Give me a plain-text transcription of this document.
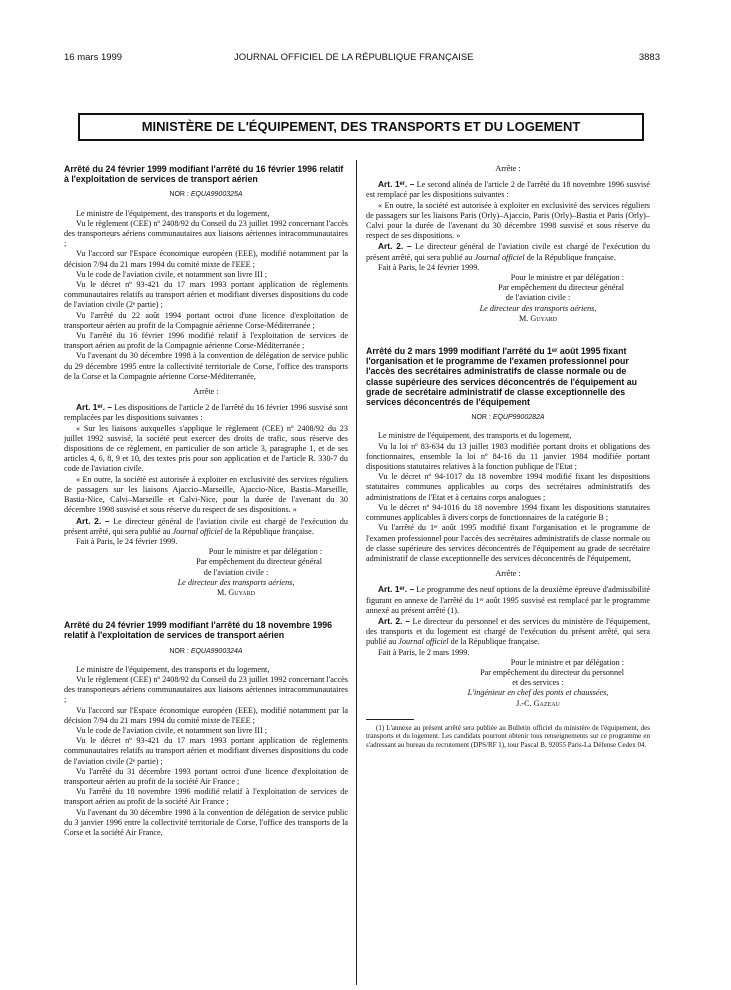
16 mars 1999	JOURNAL OFFICIEL DE LA RÉPUBLIQUE FRANÇAISE	3883
MINISTÈRE DE L'ÉQUIPEMENT, DES TRANSPORTS ET DU LOGEMENT
Arrêté du 24 février 1999 modifiant l'arrêté du 16 février 1996 relatif à l'exploitation de services de transport aérien
NOR : EQUA9900325A

Le ministre de l'équipement, des transports et du logement,

Vu le règlement (CEE) nº 2408/92 du Conseil du 23 juillet 1992 concernant l'accès des transporteurs aériens communautaires aux liaisons aériennes intracommunautaires ;

Vu l'accord sur l'Espace économique européen (EEE), modifié notamment par la décision 7/94 du 21 mars 1994 du comité mixte de l'EEE ;

Vu le code de l'aviation civile, et notamment son livre III ;

Vu le décret nº 93-421 du 17 mars 1993 portant application de règlements communautaires relatifs au transport aérien et modifiant diverses dispositions du code de l'aviation civile (2ᵉ partie) ;

Vu l'arrêté du 22 août 1994 portant octroi d'une licence d'exploitation de transporteur aérien au profit de la Compagnie aérienne Corse-Méditerranée ;

Vu l'arrêté du 16 février 1996 modifié relatif à l'exploitation de services de transport aérien au profit de la Compagnie aérienne Corse-Méditerranée ;

Vu l'avenant du 30 décembre 1998 à la convention de délégation de service public du 29 décembre 1995 entre la collectivité territoriale de Corse, l'office des transports de la Corse et la Compagnie aérienne Corse-Méditerranée,

Arrête :

Art. 1ᵉʳ. – Les dispositions de l'article 2 de l'arrêté du 16 février 1996 susvisé sont remplacées par les dispositions suivantes :

« Sur les liaisons auxquelles s'applique le règlement (CEE) nº 2408/92 du 23 juillet 1992 susvisé, la société peut exercer des droits de trafic, sous réserve des dispositions de ce règlement, en particulier de son article 3, paragraphe 1, et de ses articles 4, 6, 8, 9 et 10, des textes pris pour son application et de l'article R. 330-7 du code de l'aviation civile.

« En outre, la société est autorisée à exploiter en exclusivité des services réguliers de passagers sur les liaisons Ajaccio–Marseille, Ajaccio-Nice, Bastia–Marseille, Bastia-Nice, Calvi–Marseille et Calvi-Nice, pour la durée de l'avenant du 30 décembre 1998 susvisé et sous réserve du respect de ses dispositions. »

Art. 2. – Le directeur général de l'aviation civile est chargé de l'exécution du présent arrêté, qui sera publié au Journal officiel de la République française.

Fait à Paris, le 24 février 1999.

Pour le ministre et par délégation :

Par empêchement du directeur général

de l'aviation civile :

Le directeur des transports aériens,

M. Guyard

Arrêté du 24 février 1999 modifiant l'arrêté du 18 novembre 1996 relatif à l'exploitation de services de transport aérien
NOR : EQUA9900324A

Le ministre de l'équipement, des transports et du logement,

Vu le règlement (CEE) nº 2408/92 du Conseil du 23 juillet 1992 concernant l'accès des transporteurs aériens communautaires aux liaisons aériennes intracommunautaires ;

Vu l'accord sur l'Espace économique européen (EEE), modifié notamment par la décision 7/94 du 21 mars 1994 du comité mixte de l'EEE ;

Vu le code de l'aviation civile, et notamment son livre III ;

Vu le décret nº 93-421 du 17 mars 1993 portant application de règlements communautaires relatifs au transport aérien et modifiant diverses dispositions du code de l'aviation civile (2ᵉ partie) ;

Vu l'arrêté du 31 décembre 1993 portant octroi d'une licence d'exploitation de transporteur aérien au profit de la société Air France ;

Vu l'arrêté du 18 novembre 1996 modifié relatif à l'exploitation de services de transport aérien au profit de la société Air France ;

Vu l'avenant du 30 décembre 1998 à la convention de délégation de service public du 3 janvier 1996 entre la collectivité territoriale de Corse, l'office des transports de la Corse et la société Air France,

Arrête :

Art. 1ᵉʳ. – Le second alinéa de l'article 2 de l'arrêté du 18 novembre 1996 susvisé est remplacé par les dispositions suivantes :

« En outre, la société est autorisée à exploiter en exclusivité des services réguliers de passagers sur les liaisons Paris (Orly)–Ajaccio, Paris (Orly)–Bastia et Paris (Orly)–Calvi pour la durée de l'avenant du 30 décembre 1998 susvisé et sous réserve du respect de ses dispositions. »

Art. 2. – Le directeur général de l'aviation civile est chargé de l'exécution du présent arrêté, qui sera publié au Journal officiel de la République française.

Fait à Paris, le 24 février 1999.

Pour le ministre et par délégation :

Par empêchement du directeur général

de l'aviation civile :

Le directeur des transports aériens,

M. Guyard

Arrêté du 2 mars 1999 modifiant l'arrêté du 1ᵉʳ août 1995 fixant l'organisation et le programme de l'examen professionnel pour l'accès des secrétaires administratifs de classe normale ou de classe supérieure des services déconcentrés de l'équipement au grade de secrétaire administratif de classe exceptionnelle des services déconcentrés de l'équipement
NOR : EQUP9900282A

Le ministre de l'équipement, des transports et du logement,

Vu la loi nº 83-634 du 13 juillet 1983 modifiée portant droits et obligations des fonctionnaires, ensemble la loi nº 84-16 du 11 janvier 1984 modifiée portant dispositions statutaires relatives à la fonction publique de l'Etat ;

Vu le décret nº 94-1017 du 18 novembre 1994 modifié fixant les dispositions statutaires communes applicables au corps des secrétaires administratifs des administrations de l'Etat et à certains corps analogues ;

Vu le décret nº 94-1016 du 18 novembre 1994 fixant les dispositions statutaires communes applicables à divers corps de fonctionnaires de la catégorie B ;

Vu l'arrêté du 1ᵉʳ août 1995 modifié fixant l'organisation et le programme de l'examen professionnel pour l'accès des secrétaires administratifs de classe normale ou de classe supérieure des services déconcentrés de l'équipement au grade de secrétaire administratif de classe exceptionnelle des services déconcentrés de l'équipement,

Arrête :

Art. 1ᵉʳ. – Le programme des neuf options de la deuxième épreuve d'admissibilité figurant en annexe de l'arrêté du 1ᵉʳ août 1995 susvisé est remplacé par le programme annexé au présent arrêté (1).

Art. 2. – Le directeur du personnel et des services du ministère de l'équipement, des transports et du logement est chargé de l'exécution du présent arrêté, qui sera publié au Journal officiel de la République française.

Fait à Paris, le 2 mars 1999.

Pour le ministre et par délégation :

Par empêchement du directeur du personnel

et des services :

L'ingénieur en chef des ponts et chaussées,

J.-C. Gazeau

(1) L'annexe au présent arrêté sera publiée au Bulletin officiel du ministère de l'équipement, des transports et du logement. Les candidats pourront obtenir tous renseignements sur ce programme en s'adressant au bureau du recrutement (DPS/RF 1), tour Pascal B, 92055 Paris-La Défense Cedex 04.
